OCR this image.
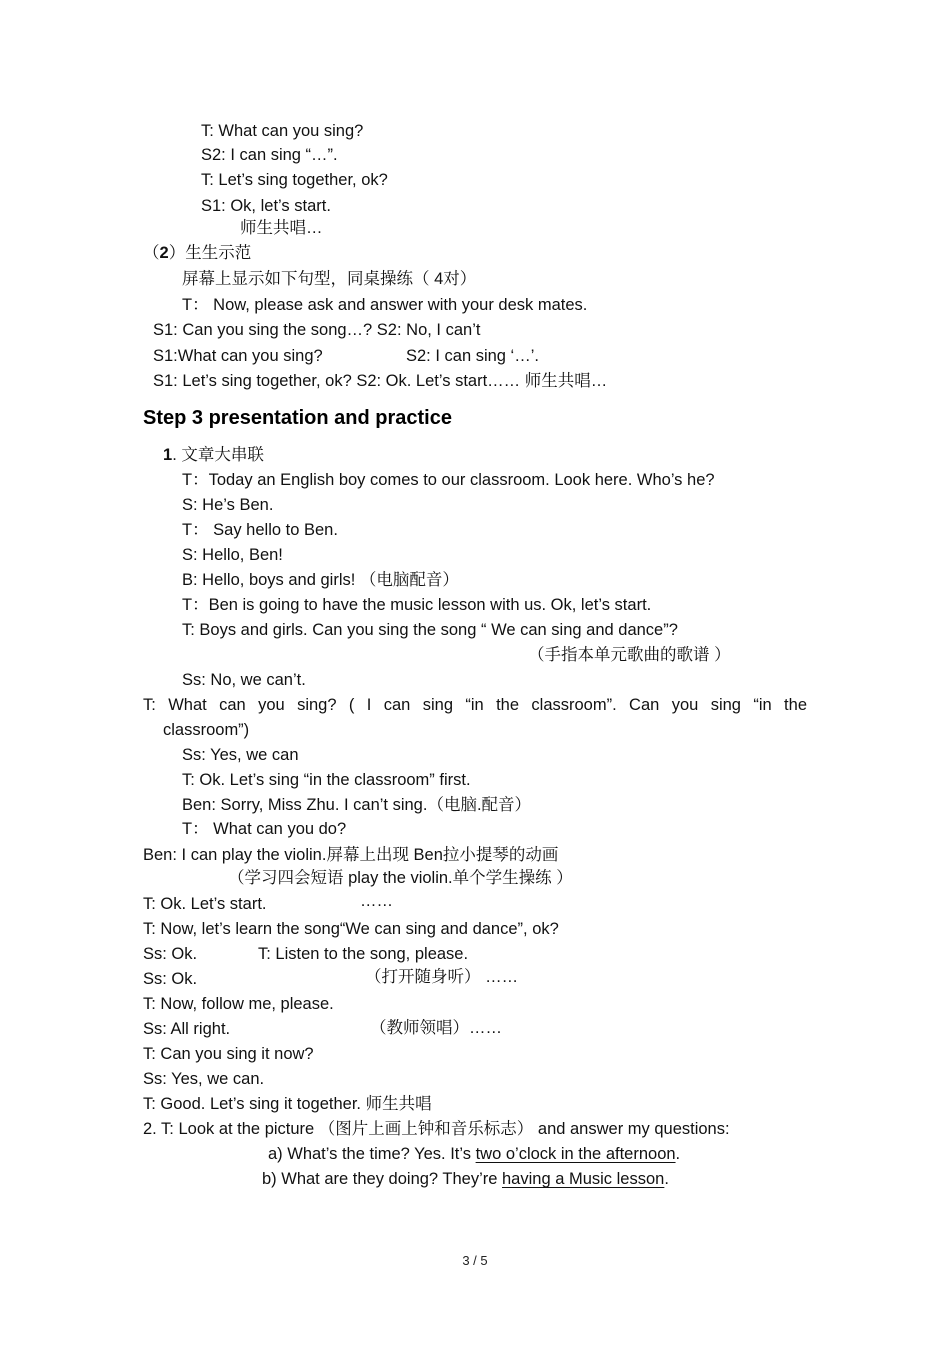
T: What can you sing?
S2: I can sing “…”.
T: Let’s sing together, ok?
S1: Ok, let’s start.
师生共唱…
（2）生生示范
屏幕上显示如下句型，同桌操练（ 4对）
T： Now, please ask and answer with your desk mates.
S1: Can you sing the song…? S2: No, I can’t
S1:What can you sing?	S2: I can sing ‘…’.
S1: Let’s sing together, ok? S2: Ok. Let’s start…… 师生共唱…
Step 3 presentation and practice
1. 文章大串联
T：Today an English boy comes to our classroom. Look here. Who’s he?
S: He’s Ben.
T： Say hello to Ben.
S: Hello, Ben!
B: Hello, boys and girls! （电脑配音）
T：Ben is going to have the music lesson with us. Ok, let’s start.
T: Boys and girls. Can you sing the song “ We can sing and dance”?
（手指本单元歌曲的歌谱 ）
Ss: No, we can’t.
T: What can you sing? ( I can sing “in the classroom”. Can you sing “in the
classroom”)
Ss: Yes, we can
T: Ok. Let’s sing “in the classroom” first.
Ben: Sorry, Miss Zhu. I can’t sing.（电脑.配音）
T： What can you do?
Ben: I can play the violin.屏幕上出现 Ben拉小提琴的动画
（学习四会短语 play the violin.单个学生操练 ）
T: Ok. Let’s start.	……
T: Now, let’s learn the song“We can sing and dance”, ok?
Ss: Ok.	T: Listen to the song, please.
Ss: Ok.	（打开随身听） ……
T: Now, follow me, please.
Ss: All right.	（教师领唱）……
T: Can you sing it now?
Ss: Yes, we can.
T: Good. Let’s sing it together. 师生共唱
2. T: Look at the picture （图片上画上钟和音乐标志） and answer my questions:
a) What’s the time? Yes. It’s two o’clock in the afternoon.
b) What are they doing? They’re having a Music lesson.
3 / 5
